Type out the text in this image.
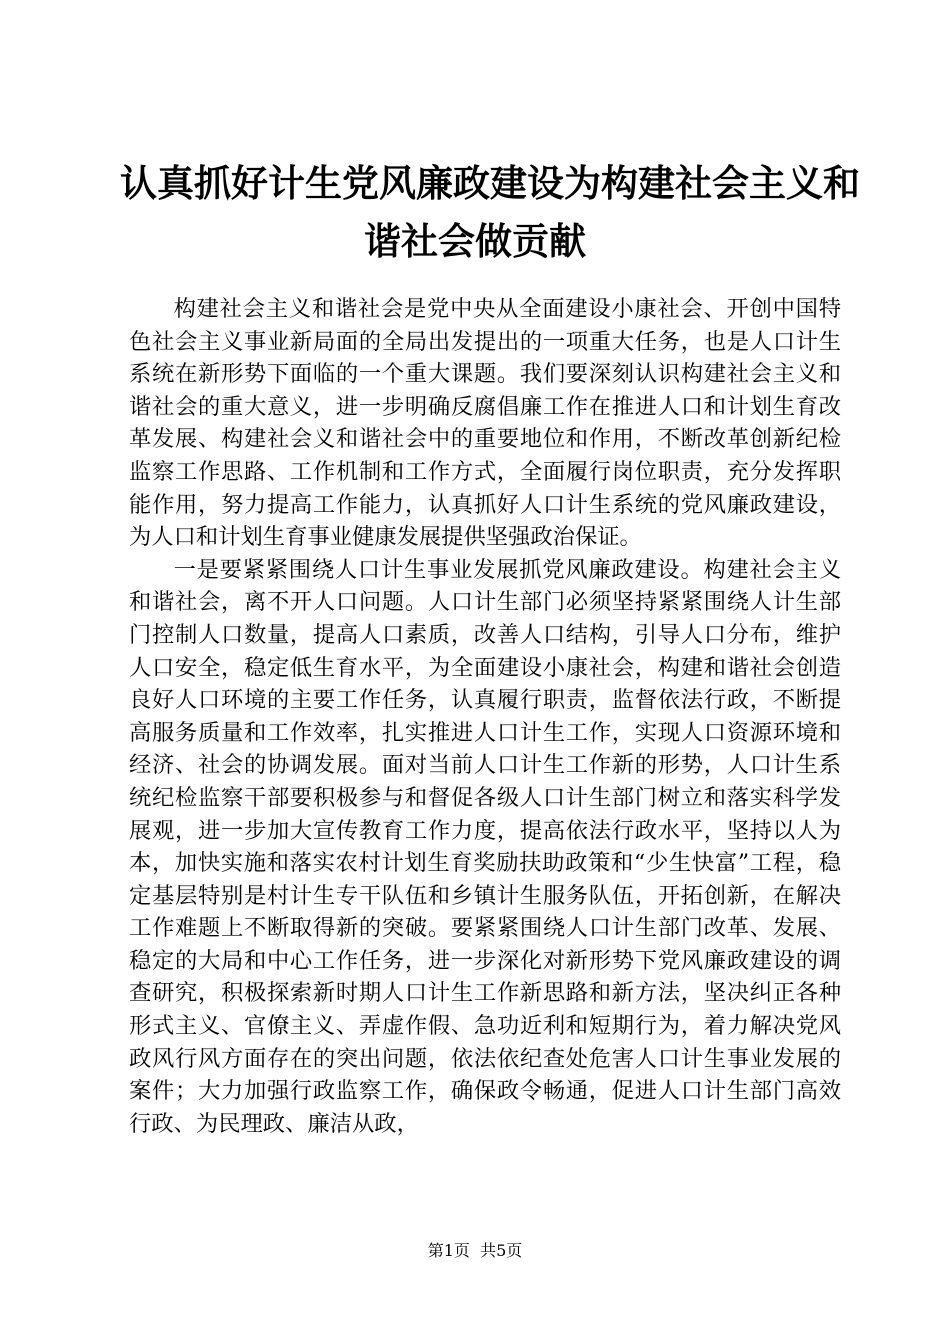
认真抓好计生党风廉政建设为构建社会主义和
谐社会做贡献

构建社会主义和谐社会是党中央从全面建设小康社会、开创中国特色社会主义事业新局面的全局出发提出的一项重大任务，也是人口计生系统在新形势下面临的一个重大课题。我们要深刻认识构建社会主义和谐社会的重大意义，进一步明确反腐倡廉工作在推进人口和计划生育改革发展、构建社会义和谐社会中的重要地位和作用，不断改革创新纪检监察工作思路、工作机制和工作方式，全面履行岗位职责，充分发挥职能作用，努力提高工作能力，认真抓好人口计生系统的党风廉政建设，为人口和计划生育事业健康发展提供坚强政治保证。

一是要紧紧围绕人口计生事业发展抓党风廉政建设。构建社会主义和谐社会，离不开人口问题。人口计生部门必须坚持紧紧围绕人计生部门控制人口数量，提高人口素质，改善人口结构，引导人口分布，维护人口安全，稳定低生育水平，为全面建设小康社会，构建和谐社会创造良好人口环境的主要工作任务，认真履行职责，监督依法行政，不断提高服务质量和工作效率，扎实推进人口计生工作，实现人口资源环境和经济、社会的协调发展。面对当前人口计生工作新的形势，人口计生系统纪检监察干部要积极参与和督促各级人口计生部门树立和落实科学发展观，进一步加大宣传教育工作力度，提高依法行政水平，坚持以人为本，加快实施和落实农村计划生育奖励扶助政策和“少生快富”工程，稳定基层特别是村计生专干队伍和乡镇计生服务队伍，开拓创新，在解决工作难题上不断取得新的突破。要紧紧围绕人口计生部门改革、发展、稳定的大局和中心工作任务，进一步深化对新形势下党风廉政建设的调查研究，积极探索新时期人口计生工作新思路和新方法，坚决纠正各种形式主义、官僚主义、弄虚作假、急功近利和短期行为，着力解决党风政风行风方面存在的突出问题，依法依纪查处危害人口计生事业发展的案件；大力加强行政监察工作，确保政令畅通，促进人口计生部门高效行政、为民理政、廉洁从政，

第1页 共5页
